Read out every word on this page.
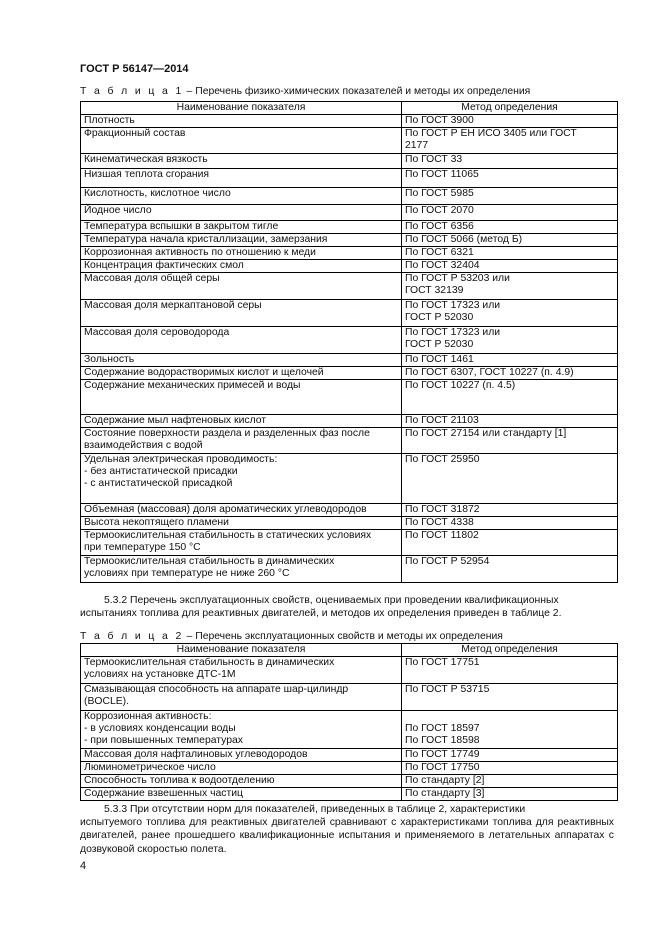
ГОСТ Р 56147—2014
Т а б л и ц а 1 – Перечень физико-химических показателей и методы их определения
Наименование показателя	Метод определения

Плотность	По ГОСТ 3900

Фракционный состав	По ГОСТ Р ЕН ИСО 3405 или ГОСТ
2177

Кинематическая вязкость	По ГОСТ 33

Низшая теплота сгорания	По ГОСТ 11065

Кислотность, кислотное число	По ГОСТ 5985

Йодное число	По ГОСТ 2070

Температура вспышки в закрытом тигле	По ГОСТ 6356

Температура начала кристаллизации, замерзания	По ГОСТ 5066 (метод Б)

Коррозионная активность по отношению к меди	По ГОСТ 6321

Концентрация фактических смол	По ГОСТ 32404

Массовая доля общей серы	По ГОСТ Р 53203 или
ГОСТ 32139

Массовая доля меркаптановой серы	По ГОСТ 17323 или
ГОСТ Р 52030

Массовая доля сероводорода	По ГОСТ 17323 или
ГОСТ Р 52030

Зольность	По ГОСТ 1461

Содержание водорастворимых кислот и щелочей	По ГОСТ 6307, ГОСТ 10227 (п. 4.9)

Содержание механических примесей и воды	По ГОСТ 10227 (п. 4.5)

Содержание мыл нафтеновых кислот	По ГОСТ 21103

Состояние поверхности раздела и разделенных фаз после
взаимодействия с водой	По ГОСТ 27154 или стандарту [1]

Удельная электрическая проводимость:
- без антистатической присадки
- с антистатической присадкой	По ГОСТ 25950

Объемная (массовая) доля ароматических углеводородов	По ГОСТ 31872

Высота некоптящего пламени	По ГОСТ 4338

Термоокислительная стабильность в статических условиях
при температуре 150 °С	По ГОСТ 11802

Термоокислительная стабильность в динамических
условиях при температуре не ниже 260 °С	По ГОСТ Р 52954
5.3.2 Перечень эксплуатационных свойств, оцениваемых при проведении квалификационных
испытаниях топлива для реактивных двигателей, и методов их определения приведен в таблице 2.
Т а б л и ц а 2 – Перечень эксплуатационных свойств и методы их определения
Наименование показателя	Метод определения

Термоокислительная стабильность в динамических
условиях на установке ДТС-1М	По ГОСТ 17751

Смазывающая способность на аппарате шар-цилиндр
(BOCLE).	По ГОСТ Р 53715

Коррозионная активность:
- в условиях конденсации воды
- при повышенных температурах	По ГОСТ 18597
По ГОСТ 18598

Массовая доля нафталиновых углеводородов	По ГОСТ 17749

Люминометрическое число	По ГОСТ 17750

Способность топлива к водоотделению	По стандарту [2]

Содержание взвешенных частиц	По стандарту [3]
5.3.3 При отсутствии норм для показателей, приведенных в таблице 2, характеристики
испытуемого топлива для реактивных двигателей сравнивают с характеристиками топлива для реактивных двигателей, ранее прошедшего квалификационные испытания и применяемого в летательных аппаратах с дозвуковой скоростью полета.
4
